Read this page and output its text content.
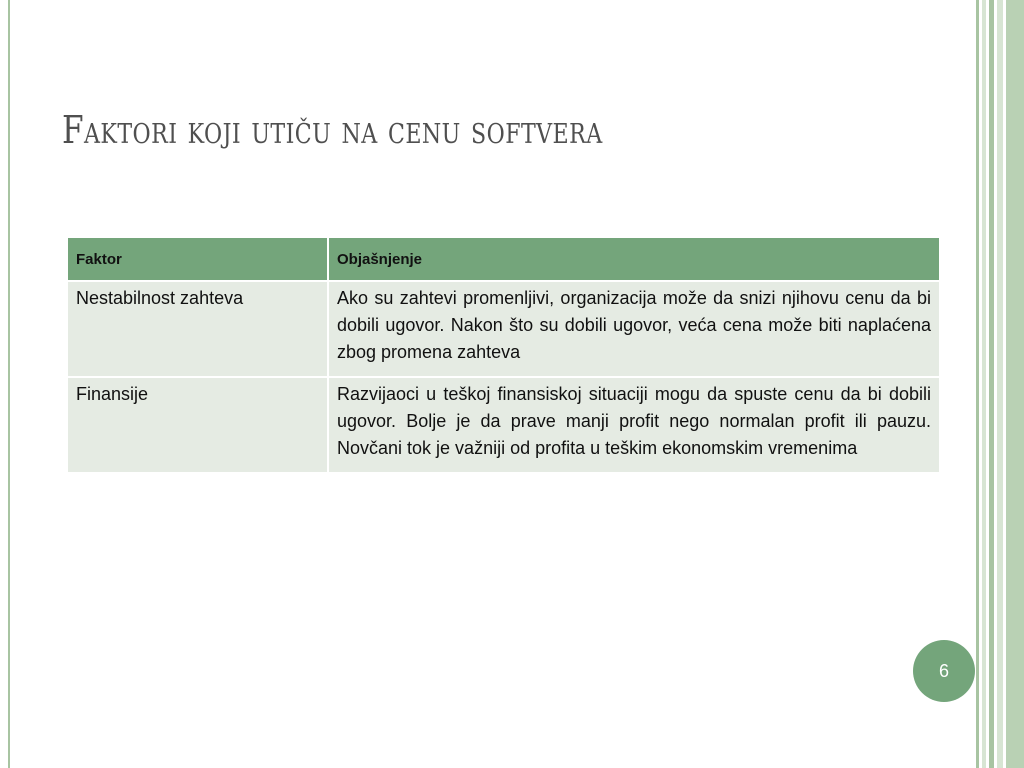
Faktori koji utiču na cenu softvera
Faktor	Objašnjenje
Nestabilnost zahteva	Ako su zahtevi promenljivi, organizacija može da snizi njihovu cenu da bi dobili ugovor. Nakon što su dobili ugovor, veća cena može biti naplaćena zbog promena zahteva
Finansije	Razvijaoci u teškoj finansiskoj situaciji mogu da spuste cenu da bi dobili ugovor. Bolje je da prave manji profit nego normalan profit ili pauzu. Novčani tok je važniji od profita u teškim ekonomskim vremenima
6
